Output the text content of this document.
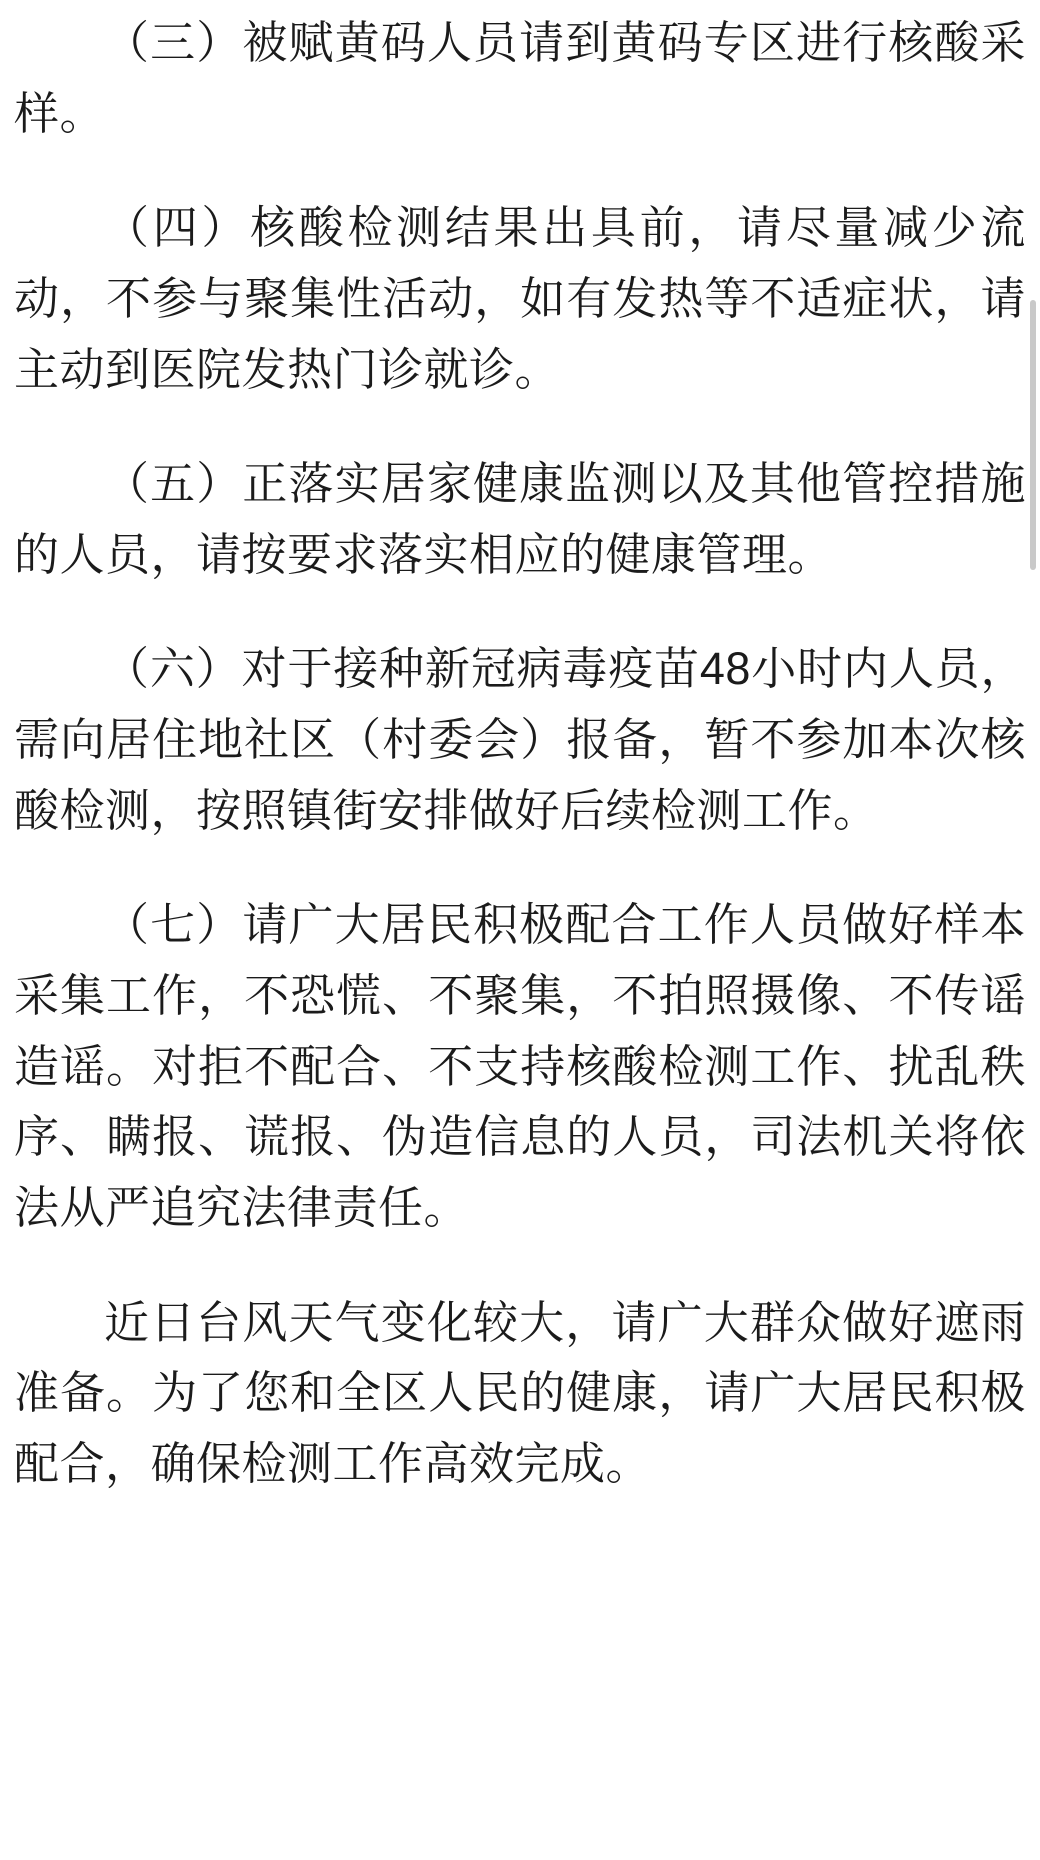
（三）被赋黄码人员请到黄码专区进行核酸采样。

（四）核酸检测结果出具前，请尽量减少流动，不参与聚集性活动，如有发热等不适症状，请主动到医院发热门诊就诊。

（五）正落实居家健康监测以及其他管控措施的人员，请按要求落实相应的健康管理。

（六）对于接种新冠病毒疫苗48小时内人员，需向居住地社区（村委会）报备，暂不参加本次核酸检测，按照镇街安排做好后续检测工作。

（七）请广大居民积极配合工作人员做好样本采集工作，不恐慌、不聚集，不拍照摄像、不传谣造谣。对拒不配合、不支持核酸检测工作、扰乱秩序、瞒报、谎报、伪造信息的人员，司法机关将依法从严追究法律责任。

近日台风天气变化较大，请广大群众做好遮雨准备。为了您和全区人民的健康，请广大居民积极配合，确保检测工作高效完成。
